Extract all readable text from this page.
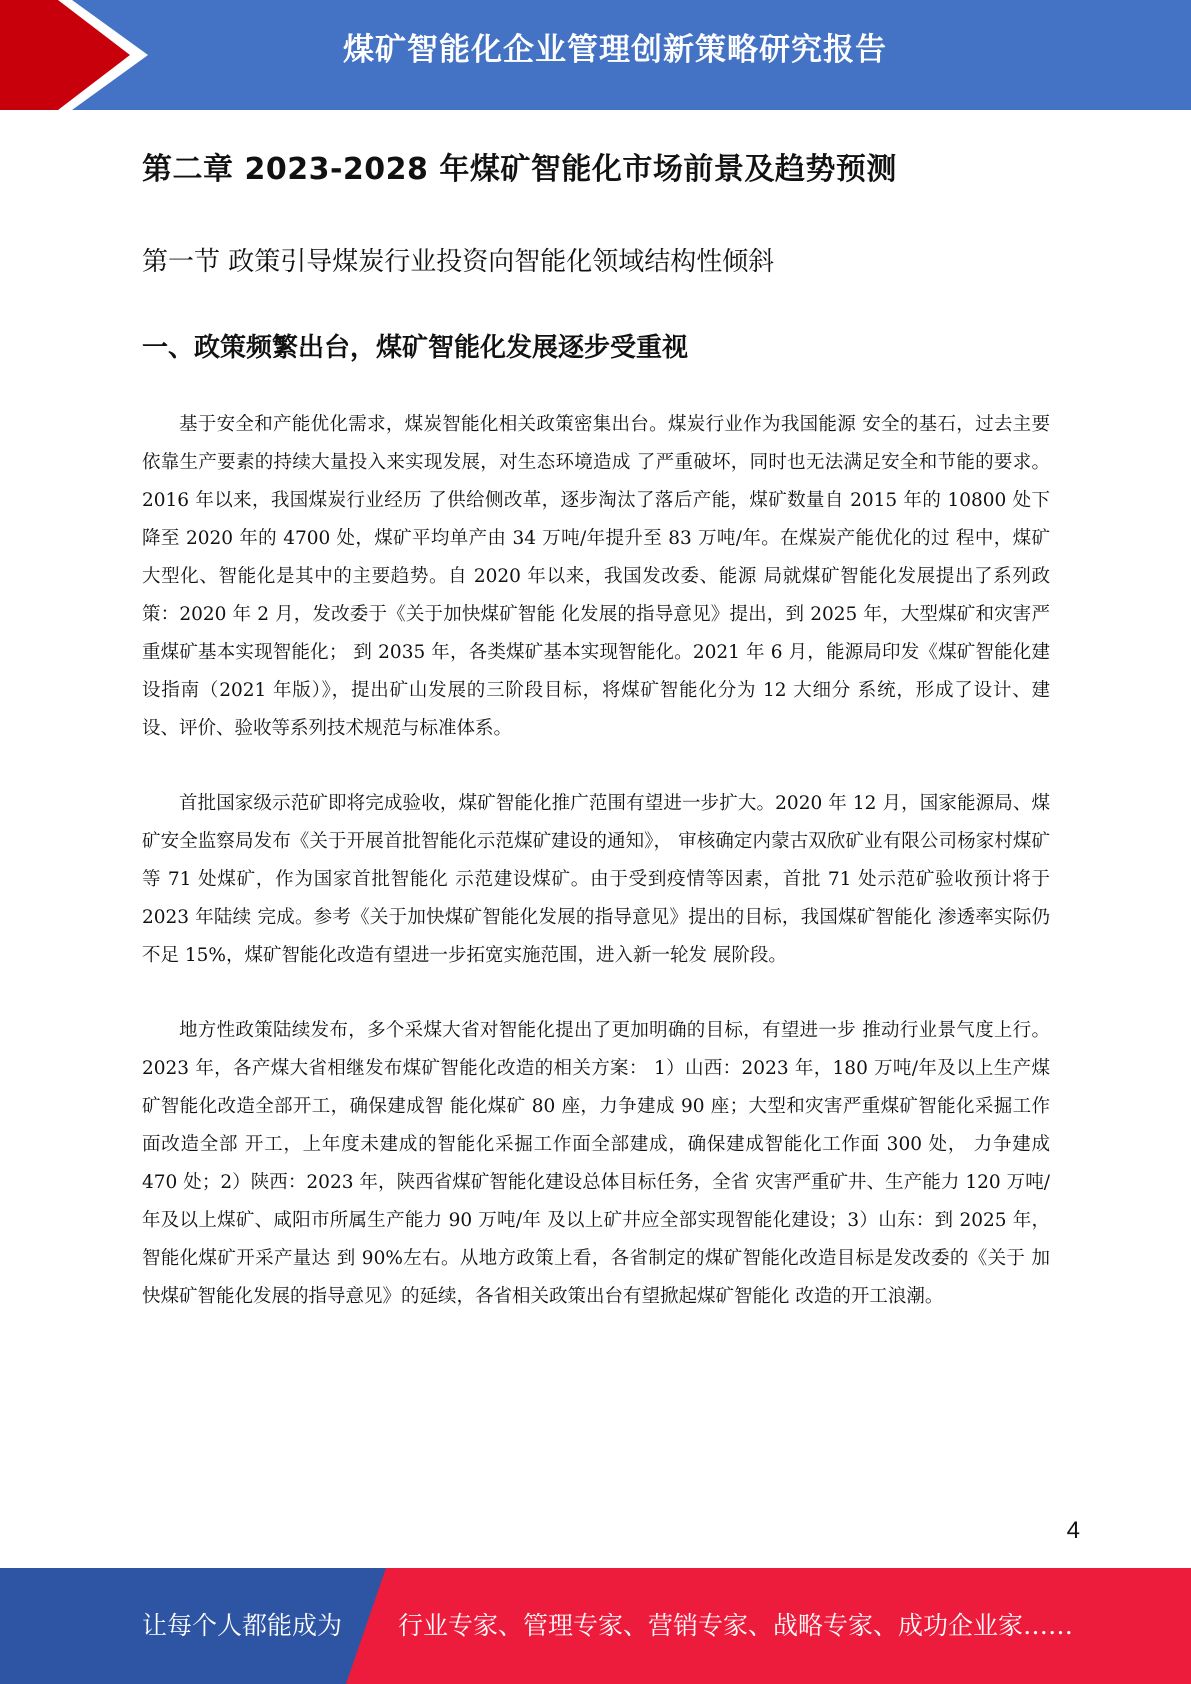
煤矿智能化企业管理创新策略研究报告
第二章 2023-2028 年煤矿智能化市场前景及趋势预测
第一节 政策引导煤炭行业投资向智能化领域结构性倾斜
一、政策频繁出台，煤矿智能化发展逐步受重视

基于安全和产能优化需求，煤炭智能化相关政策密集出台。煤炭行业作为我国能源 安全的基石，过去主要依靠生产要素的持续大量投入来实现发展，对生态环境造成 了严重破坏，同时也无法满足安全和节能的要求。2016 年以来，我国煤炭行业经历 了供给侧改革，逐步淘汰了落后产能，煤矿数量自 2015 年的 10800 处下降至 2020 年的 4700 处，煤矿平均单产由 34 万吨/年提升至 83 万吨/年。在煤炭产能优化的过 程中，煤矿大型化、智能化是其中的主要趋势。自 2020 年以来，我国发改委、能源 局就煤矿智能化发展提出了系列政策：2020 年 2 月，发改委于《关于加快煤矿智能 化发展的指导意见》提出，到 2025 年，大型煤矿和灾害严重煤矿基本实现智能化； 到 2035 年，各类煤矿基本实现智能化。2021 年 6 月，能源局印发《煤矿智能化建 设指南（2021 年版）》，提出矿山发展的三阶段目标，将煤矿智能化分为 12 大细分 系统，形成了设计、建设、评价、验收等系列技术规范与标准体系。

首批国家级示范矿即将完成验收，煤矿智能化推广范围有望进一步扩大。2020 年 12 月，国家能源局、煤矿安全监察局发布《关于开展首批智能化示范煤矿建设的通知》， 审核确定内蒙古双欣矿业有限公司杨家村煤矿等 71 处煤矿，作为国家首批智能化 示范建设煤矿。由于受到疫情等因素，首批 71 处示范矿验收预计将于 2023 年陆续 完成。参考《关于加快煤矿智能化发展的指导意见》提出的目标，我国煤矿智能化 渗透率实际仍不足 15%，煤矿智能化改造有望进一步拓宽实施范围，进入新一轮发 展阶段。

地方性政策陆续发布，多个采煤大省对智能化提出了更加明确的目标，有望进一步 推动行业景气度上行。2023 年，各产煤大省相继发布煤矿智能化改造的相关方案： 1）山西：2023 年，180 万吨/年及以上生产煤矿智能化改造全部开工，确保建成智 能化煤矿 80 座，力争建成 90 座；大型和灾害严重煤矿智能化采掘工作面改造全部 开工，上年度未建成的智能化采掘工作面全部建成，确保建成智能化工作面 300 处， 力争建成 470 处；2）陕西：2023 年，陕西省煤矿智能化建设总体目标任务，全省 灾害严重矿井、生产能力 120 万吨/年及以上煤矿、咸阳市所属生产能力 90 万吨/年 及以上矿井应全部实现智能化建设；3）山东：到 2025 年，智能化煤矿开采产量达 到 90%左右。从地方政策上看，各省制定的煤矿智能化改造目标是发改委的《关于 加快煤矿智能化发展的指导意见》的延续，各省相关政策出台有望掀起煤矿智能化 改造的开工浪潮。

4
让每个人都能成为 行业专家、管理专家、营销专家、战略专家、成功企业家……
